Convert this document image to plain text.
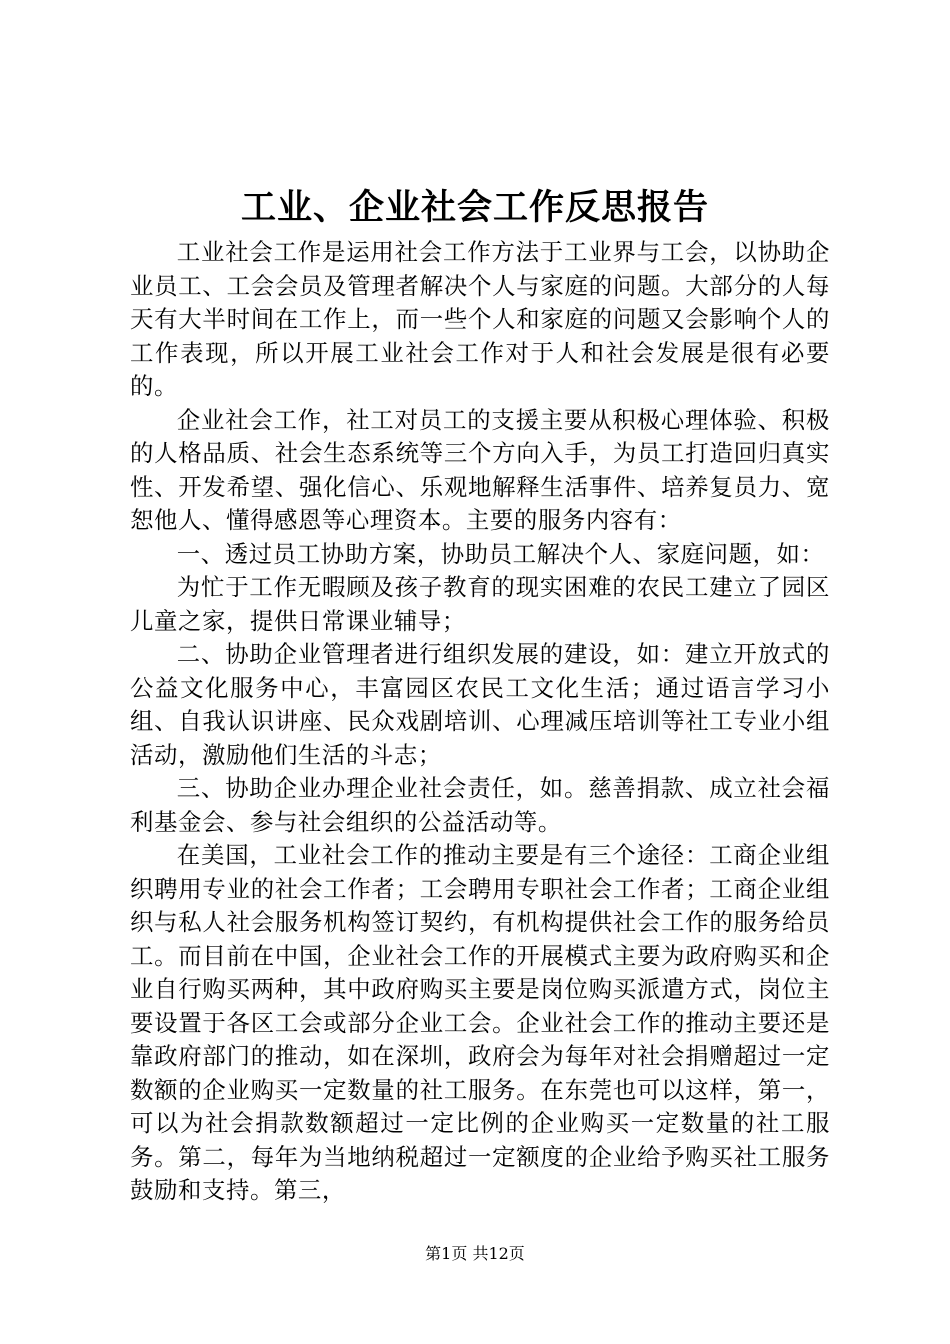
工业、企业社会工作反思报告

工业社会工作是运用社会工作方法于工业界与工会，以协助企业员工、工会会员及管理者解决个人与家庭的问题。大部分的人每天有大半时间在工作上，而一些个人和家庭的问题又会影响个人的工作表现，所以开展工业社会工作对于人和社会发展是很有必要的。

企业社会工作，社工对员工的支援主要从积极心理体验、积极的人格品质、社会生态系统等三个方向入手，为员工打造回归真实性、开发希望、强化信心、乐观地解释生活事件、培养复员力、宽恕他人、懂得感恩等心理资本。主要的服务内容有：

一、透过员工协助方案，协助员工解决个人、家庭问题，如：

为忙于工作无暇顾及孩子教育的现实困难的农民工建立了园区儿童之家，提供日常课业辅导；

二、协助企业管理者进行组织发展的建设，如：建立开放式的公益文化服务中心，丰富园区农民工文化生活；通过语言学习小组、自我认识讲座、民众戏剧培训、心理减压培训等社工专业小组活动，激励他们生活的斗志；

三、协助企业办理企业社会责任，如。慈善捐款、成立社会福利基金会、参与社会组织的公益活动等。

在美国，工业社会工作的推动主要是有三个途径：工商企业组织聘用专业的社会工作者；工会聘用专职社会工作者；工商企业组织与私人社会服务机构签订契约，有机构提供社会工作的服务给员工。而目前在中国，企业社会工作的开展模式主要为政府购买和企业自行购买两种，其中政府购买主要是岗位购买派遣方式，岗位主要设置于各区工会或部分企业工会。企业社会工作的推动主要还是靠政府部门的推动，如在深圳，政府会为每年对社会捐赠超过一定数额的企业购买一定数量的社工服务。在东莞也可以这样，第一，可以为社会捐款数额超过一定比例的企业购买一定数量的社工服务。第二，每年为当地纳税超过一定额度的企业给予购买社工服务鼓励和支持。第三，

第1页 共12页
